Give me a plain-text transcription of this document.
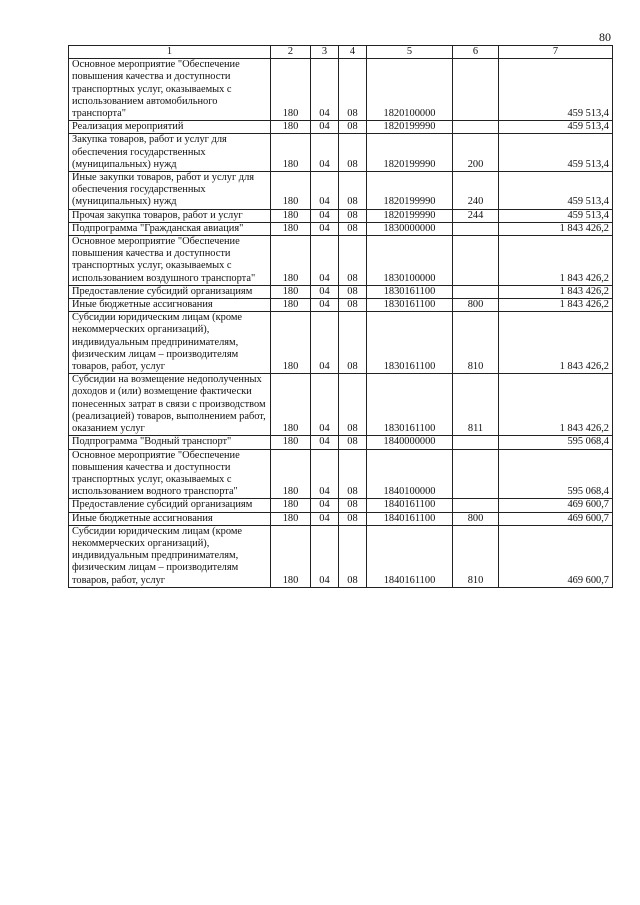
80
1	2	3	4	5	6	7
Основное мероприятие "Обеспечение повышения качества и доступности транспортных услуг, оказываемых с использованием автомобильного транспорта"	180	04	08	1820100000		459 513,4
Реализация мероприятий	180	04	08	1820199990		459 513,4
Закупка товаров, работ и услуг для обеспечения государственных (муниципальных) нужд	180	04	08	1820199990	200	459 513,4
Иные закупки товаров, работ и услуг для обеспечения государственных (муниципальных) нужд	180	04	08	1820199990	240	459 513,4
Прочая закупка товаров, работ и услуг	180	04	08	1820199990	244	459 513,4
Подпрограмма "Гражданская авиация"	180	04	08	1830000000		1 843 426,2
Основное мероприятие "Обеспечение повышения качества и доступности транспортных услуг, оказываемых с использованием воздушного транспорта"	180	04	08	1830100000		1 843 426,2
Предоставление субсидий организациям	180	04	08	1830161100		1 843 426,2
Иные бюджетные ассигнования	180	04	08	1830161100	800	1 843 426,2
Субсидии юридическим лицам (кроме некоммерческих организаций), индивидуальным предпринимателям, физическим лицам – производителям товаров, работ, услуг	180	04	08	1830161100	810	1 843 426,2
Субсидии на возмещение недополученных доходов и (или) возмещение фактически понесенных затрат в связи с производством (реализацией) товаров, выполнением работ, оказанием услуг	180	04	08	1830161100	811	1 843 426,2
Подпрограмма "Водный транспорт"	180	04	08	1840000000		595 068,4
Основное мероприятие "Обеспечение повышения качества и доступности транспортных услуг, оказываемых с использованием водного транспорта"	180	04	08	1840100000		595 068,4
Предоставление субсидий организациям	180	04	08	1840161100		469 600,7
Иные бюджетные ассигнования	180	04	08	1840161100	800	469 600,7
Субсидии юридическим лицам (кроме некоммерческих организаций), индивидуальным предпринимателям, физическим лицам – производителям товаров, работ, услуг	180	04	08	1840161100	810	469 600,7
